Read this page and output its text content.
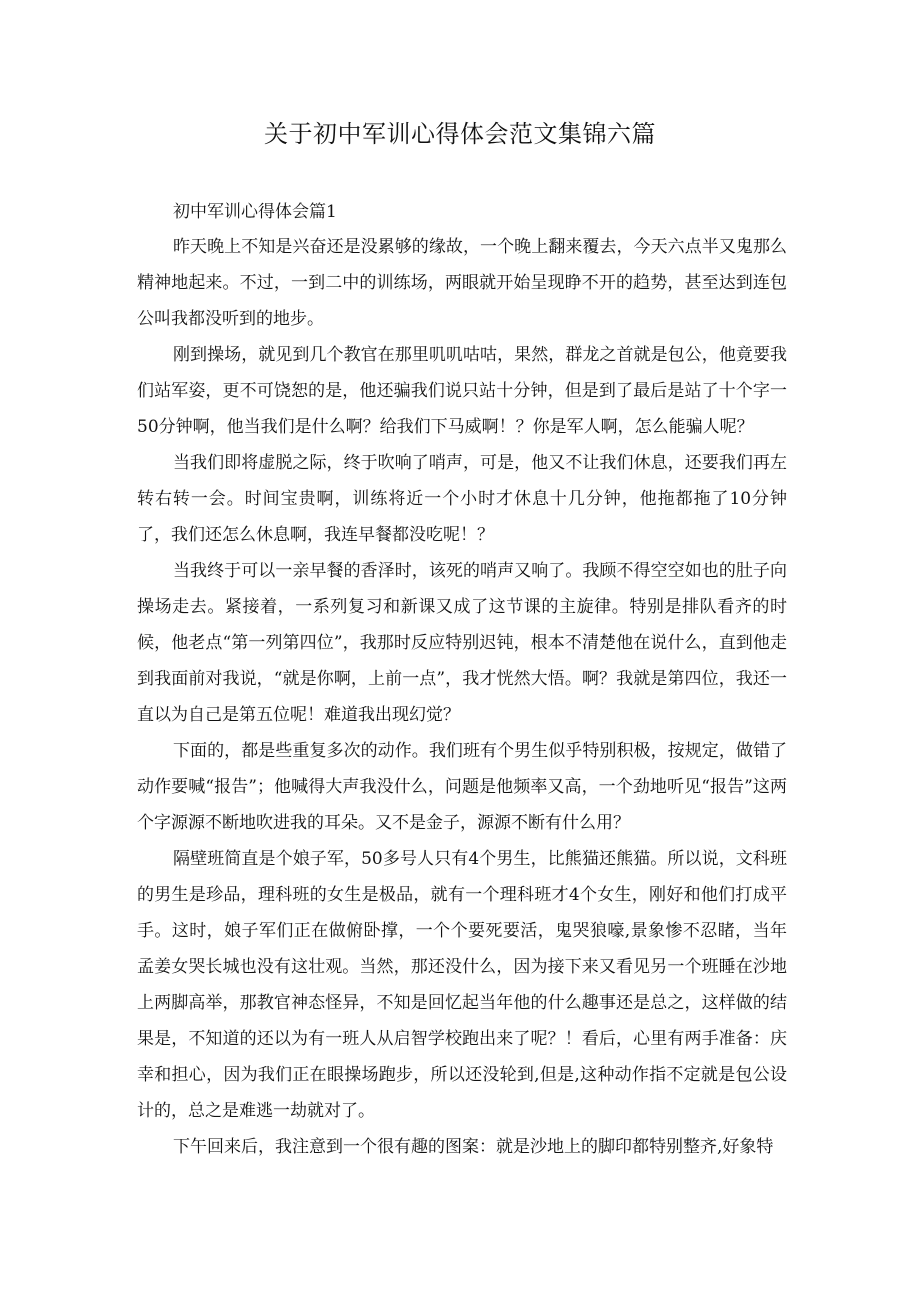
关于初中军训心得体会范文集锦六篇

初中军训心得体会篇1

昨天晚上不知是兴奋还是没累够的缘故，一个晚上翻来覆去，今天六点半又鬼那么精神地起来。不过，一到二中的训练场，两眼就开始呈现睁不开的趋势，甚至达到连包公叫我都没听到的地步。

刚到操场，就见到几个教官在那里叽叽咕咕，果然，群龙之首就是包公，他竟要我们站军姿，更不可饶恕的是，他还骗我们说只站十分钟，但是到了最后是站了十个字一50分钟啊，他当我们是什么啊？给我们下马威啊！？你是军人啊，怎么能骗人呢？

当我们即将虚脱之际，终于吹响了哨声，可是，他又不让我们休息，还要我们再左转右转一会。时间宝贵啊，训练将近一个小时才休息十几分钟，他拖都拖了10分钟了，我们还怎么休息啊，我连早餐都没吃呢！？

当我终于可以一亲早餐的香泽时，该死的哨声又响了。我顾不得空空如也的肚子向操场走去。紧接着，一系列复习和新课又成了这节课的主旋律。特别是排队看齐的时候，他老点“第一列第四位”，我那时反应特别迟钝，根本不清楚他在说什么，直到他走到我面前对我说，“就是你啊，上前一点”，我才恍然大悟。啊？我就是第四位，我还一直以为自己是第五位呢！难道我出现幻觉？

下面的，都是些重复多次的动作。我们班有个男生似乎特别积极，按规定，做错了动作要喊“报告”；他喊得大声我没什么，问题是他频率又高，一个劲地听见“报告”这两个字源源不断地吹进我的耳朵。又不是金子，源源不断有什么用？

隔壁班简直是个娘子军，50多号人只有4个男生，比熊猫还熊猫。所以说，文科班的男生是珍品，理科班的女生是极品，就有一个理科班才4个女生，刚好和他们打成平手。这时，娘子军们正在做俯卧撑，一个个要死要活，鬼哭狼嚎,景象惨不忍睹，当年孟姜女哭长城也没有这壮观。当然，那还没什么，因为接下来又看见另一个班睡在沙地上两脚高举，那教官神态怪异，不知是回忆起当年他的什么趣事还是总之，这样做的结果是，不知道的还以为有一班人从启智学校跑出来了呢？！看后，心里有两手准备：庆幸和担心，因为我们正在眼操场跑步，所以还没轮到,但是,这种动作指不定就是包公设计的，总之是难逃一劫就对了。

下午回来后，我注意到一个很有趣的图案：就是沙地上的脚印都特别整齐,好象特
